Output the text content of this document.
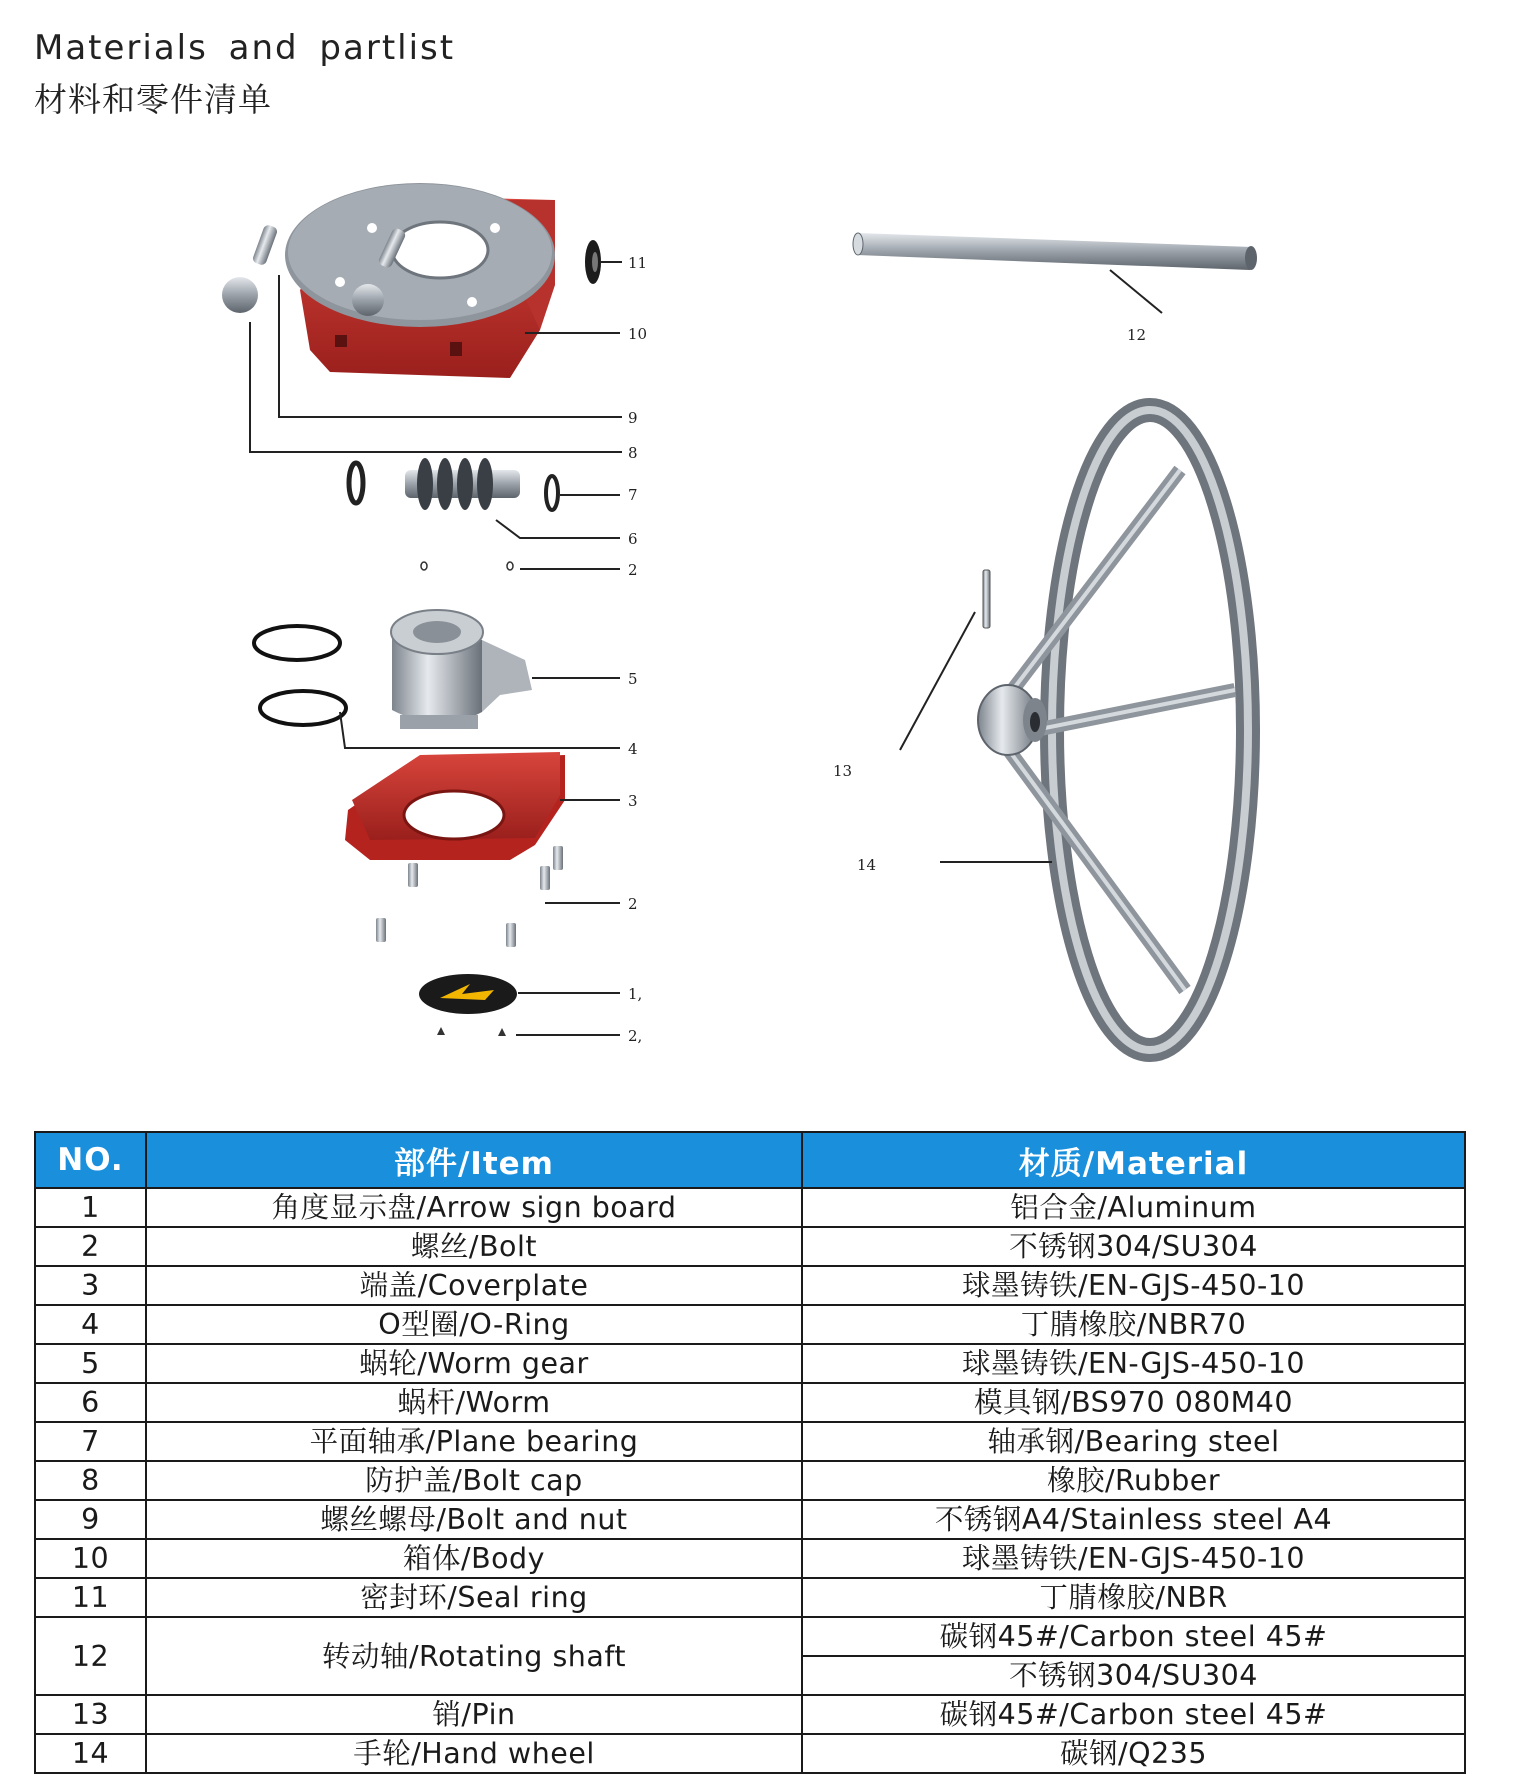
Materials and partlist
材料和零件清单
11
10
9
8
7
6
2
5
4
3
2
1,
2,
12
13
14
NO.	部件/Item	材质/Material
1	角度显示盘/Arrow sign board	铝合金/Aluminum
2	螺丝/Bolt	不锈钢304/SU304
3	端盖/Coverplate	球墨铸铁/EN-GJS-450-10
4	O型圈/O-Ring	丁腈橡胶/NBR70
5	蜗轮/Worm gear	球墨铸铁/EN-GJS-450-10
6	蜗杆/Worm	模具钢/BS970 080M40
7	平面轴承/Plane bearing	轴承钢/Bearing steel
8	防护盖/Bolt cap	橡胶/Rubber
9	螺丝螺母/Bolt and nut	不锈钢A4/Stainless steel A4
10	箱体/Body	球墨铸铁/EN-GJS-450-10
11	密封环/Seal ring	丁腈橡胶/NBR
12	转动轴/Rotating shaft	碳钢45#/Carbon steel 45#
		不锈钢304/SU304
13	销/Pin	碳钢45#/Carbon steel 45#
14	手轮/Hand wheel	碳钢/Q235
